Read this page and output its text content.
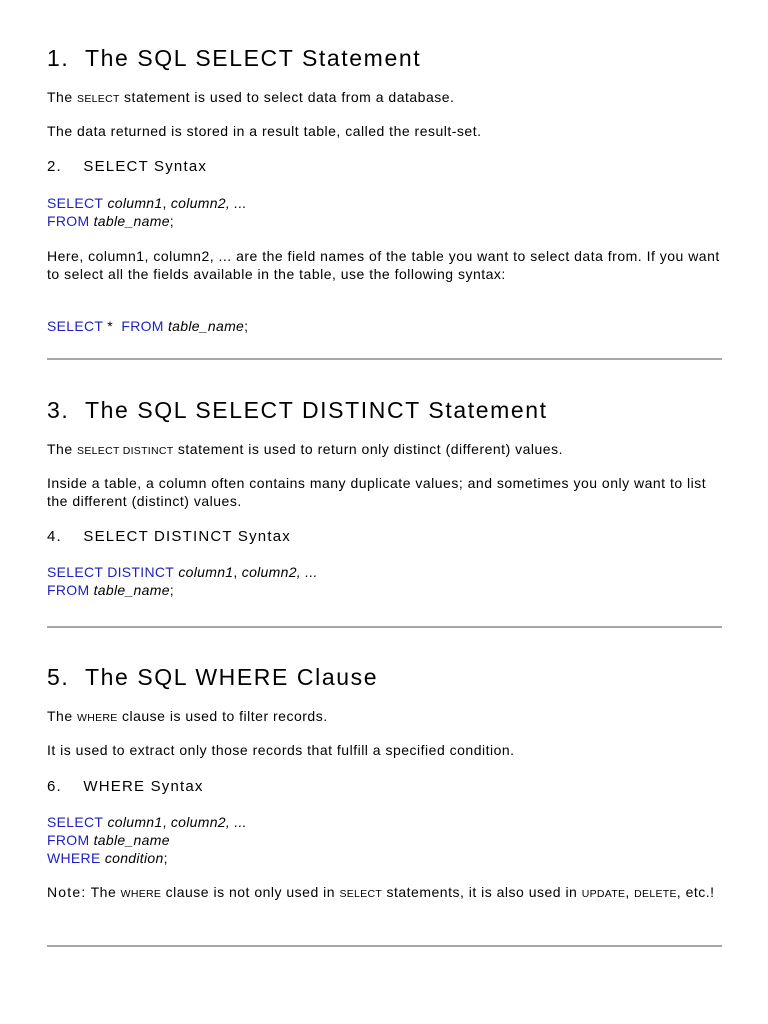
1.  The SQL SELECT Statement

The SELECT statement is used to select data from a database.

The data returned is stored in a result table, called the result-set.

2.    SELECT Syntax
SELECT column1, column2, ...
FROM table_name;

Here, column1, column2, ... are the field names of the table you want to select data from. If you want to select all the fields available in the table, use the following syntax:

SELECT *  FROM table_name;
3.  The SQL SELECT DISTINCT Statement

The SELECT DISTINCT statement is used to return only distinct (different) values.

Inside a table, a column often contains many duplicate values; and sometimes you only want to list the different (distinct) values.

4.    SELECT DISTINCT Syntax
SELECT DISTINCT column1, column2, ...
FROM table_name;
5.  The SQL WHERE Clause

The WHERE clause is used to filter records.

It is used to extract only those records that fulfill a specified condition.

6.    WHERE Syntax
SELECT column1, column2, ...
FROM table_name
WHERE condition;

Note: The WHERE clause is not only used in SELECT statements, it is also used in UPDATE, DELETE, etc.!
